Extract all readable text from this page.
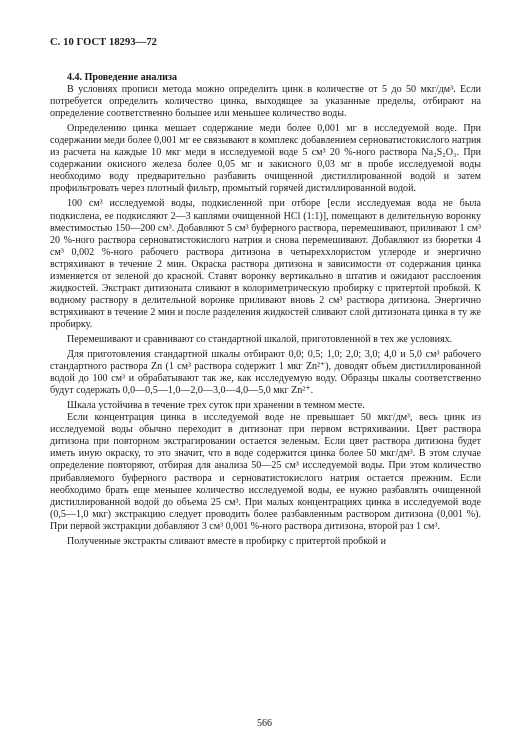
С. 10 ГОСТ 18293—72

4.4. Проведение анализа

В условиях прописи метода можно определить цинк в количестве от 5 до 50 мкг/дм³. Если потребуется определить количество цинка, выходящее за указанные пределы, отбирают на определение соответственно большее или меньшее количество воды.

Определению цинка мешает содержание меди более 0,001 мг в исследуемой воде. При содержании меди более 0,001 мг ее связывают в комплекс добавлением серноватистокислого натрия из расчета на каждые 10 мкг меди в исследуемой воде 5 см³ 20 %-ного раствора Na₂S₂O₃. При содержании окисного железа более 0,05 мг и закисного 0,03 мг в пробе исследуемой воды необходимо воду предварительно разбавить очищенной дистиллированной водой и затем профильтровать через плотный фильтр, промытый горячей дистиллированной водой.

100 см³ исследуемой воды, подкисленной при отборе [если исследуемая вода не была подкислена, ее подкисляют 2—3 каплями очищенной HCl (1:1)], помещают в делительную воронку вместимостью 150—200 см³. Добавляют 5 см³ буферного раствора, перемешивают, приливают 1 см³ 20 %-ного раствора серноватистокислого натрия и снова перемешивают. Добавляют из бюретки 4 см³ 0,002 %-ного рабочего раствора дитизона в четыреххлористом углероде и энергично встряхивают в течение 2 мин. Окраска раствора дитизона в зависимости от содержания цинка изменяется от зеленой до красной. Ставят воронку вертикально в штатив и ожидают расслоения жидкостей. Экстракт дитизоната сливают в колориметрическую пробирку с притертой пробкой. К водному раствору в делительной воронке приливают вновь 2 см³ раствора дитизона. Энергично встряхивают в течение 2 мин и после разделения жидкостей сливают слой дитизоната цинка в ту же пробирку.

Перемешивают и сравнивают со стандартной шкалой, приготовленной в тех же условиях.

Для приготовления стандартной шкалы отбирают 0,0; 0,5; 1,0; 2,0; 3,0; 4,0 и 5,0 см³ рабочего стандартного раствора Zn (1 см³ раствора содержит 1 мкг Zn²⁺), доводят объем дистиллированной водой до 100 см³ и обрабатывают так же, как исследуемую воду. Образцы шкалы соответственно будут содержать 0,0—0,5—1,0—2,0—3,0—4,0—5,0 мкг Zn²⁺.

Шкала устойчива в течение трех суток при хранении в темном месте.

Если концентрация цинка в исследуемой воде не превышает 50 мкг/дм³, весь цинк из исследуемой воды обычно переходит в дитизонат при первом встряхивании. Цвет раствора дитизона при повторном экстрагировании остается зеленым. Если цвет раствора дитизона будет иметь иную окраску, то это значит, что в воде содержится цинка более 50 мкг/дм³. В этом случае определение повторяют, отбирая для анализа 50—25 см³ исследуемой воды. При этом количество прибавляемого буферного раствора и серноватистокислого натрия остается прежним. Если необходимо брать еще меньшее количество исследуемой воды, ее нужно разбавлять очищенной дистиллированной водой до объема 25 см³. При малых концентрациях цинка в исследуемой воде (0,5—1,0 мкг) экстракцию следует проводить более разбавленным раствором дитизона (0,001 %). При первой экстракции добавляют 3 см³ 0,001 %-ного раствора дитизона, второй раз 1 см³.

Полученные экстракты сливают вместе в пробирку с притертой пробкой и

566
